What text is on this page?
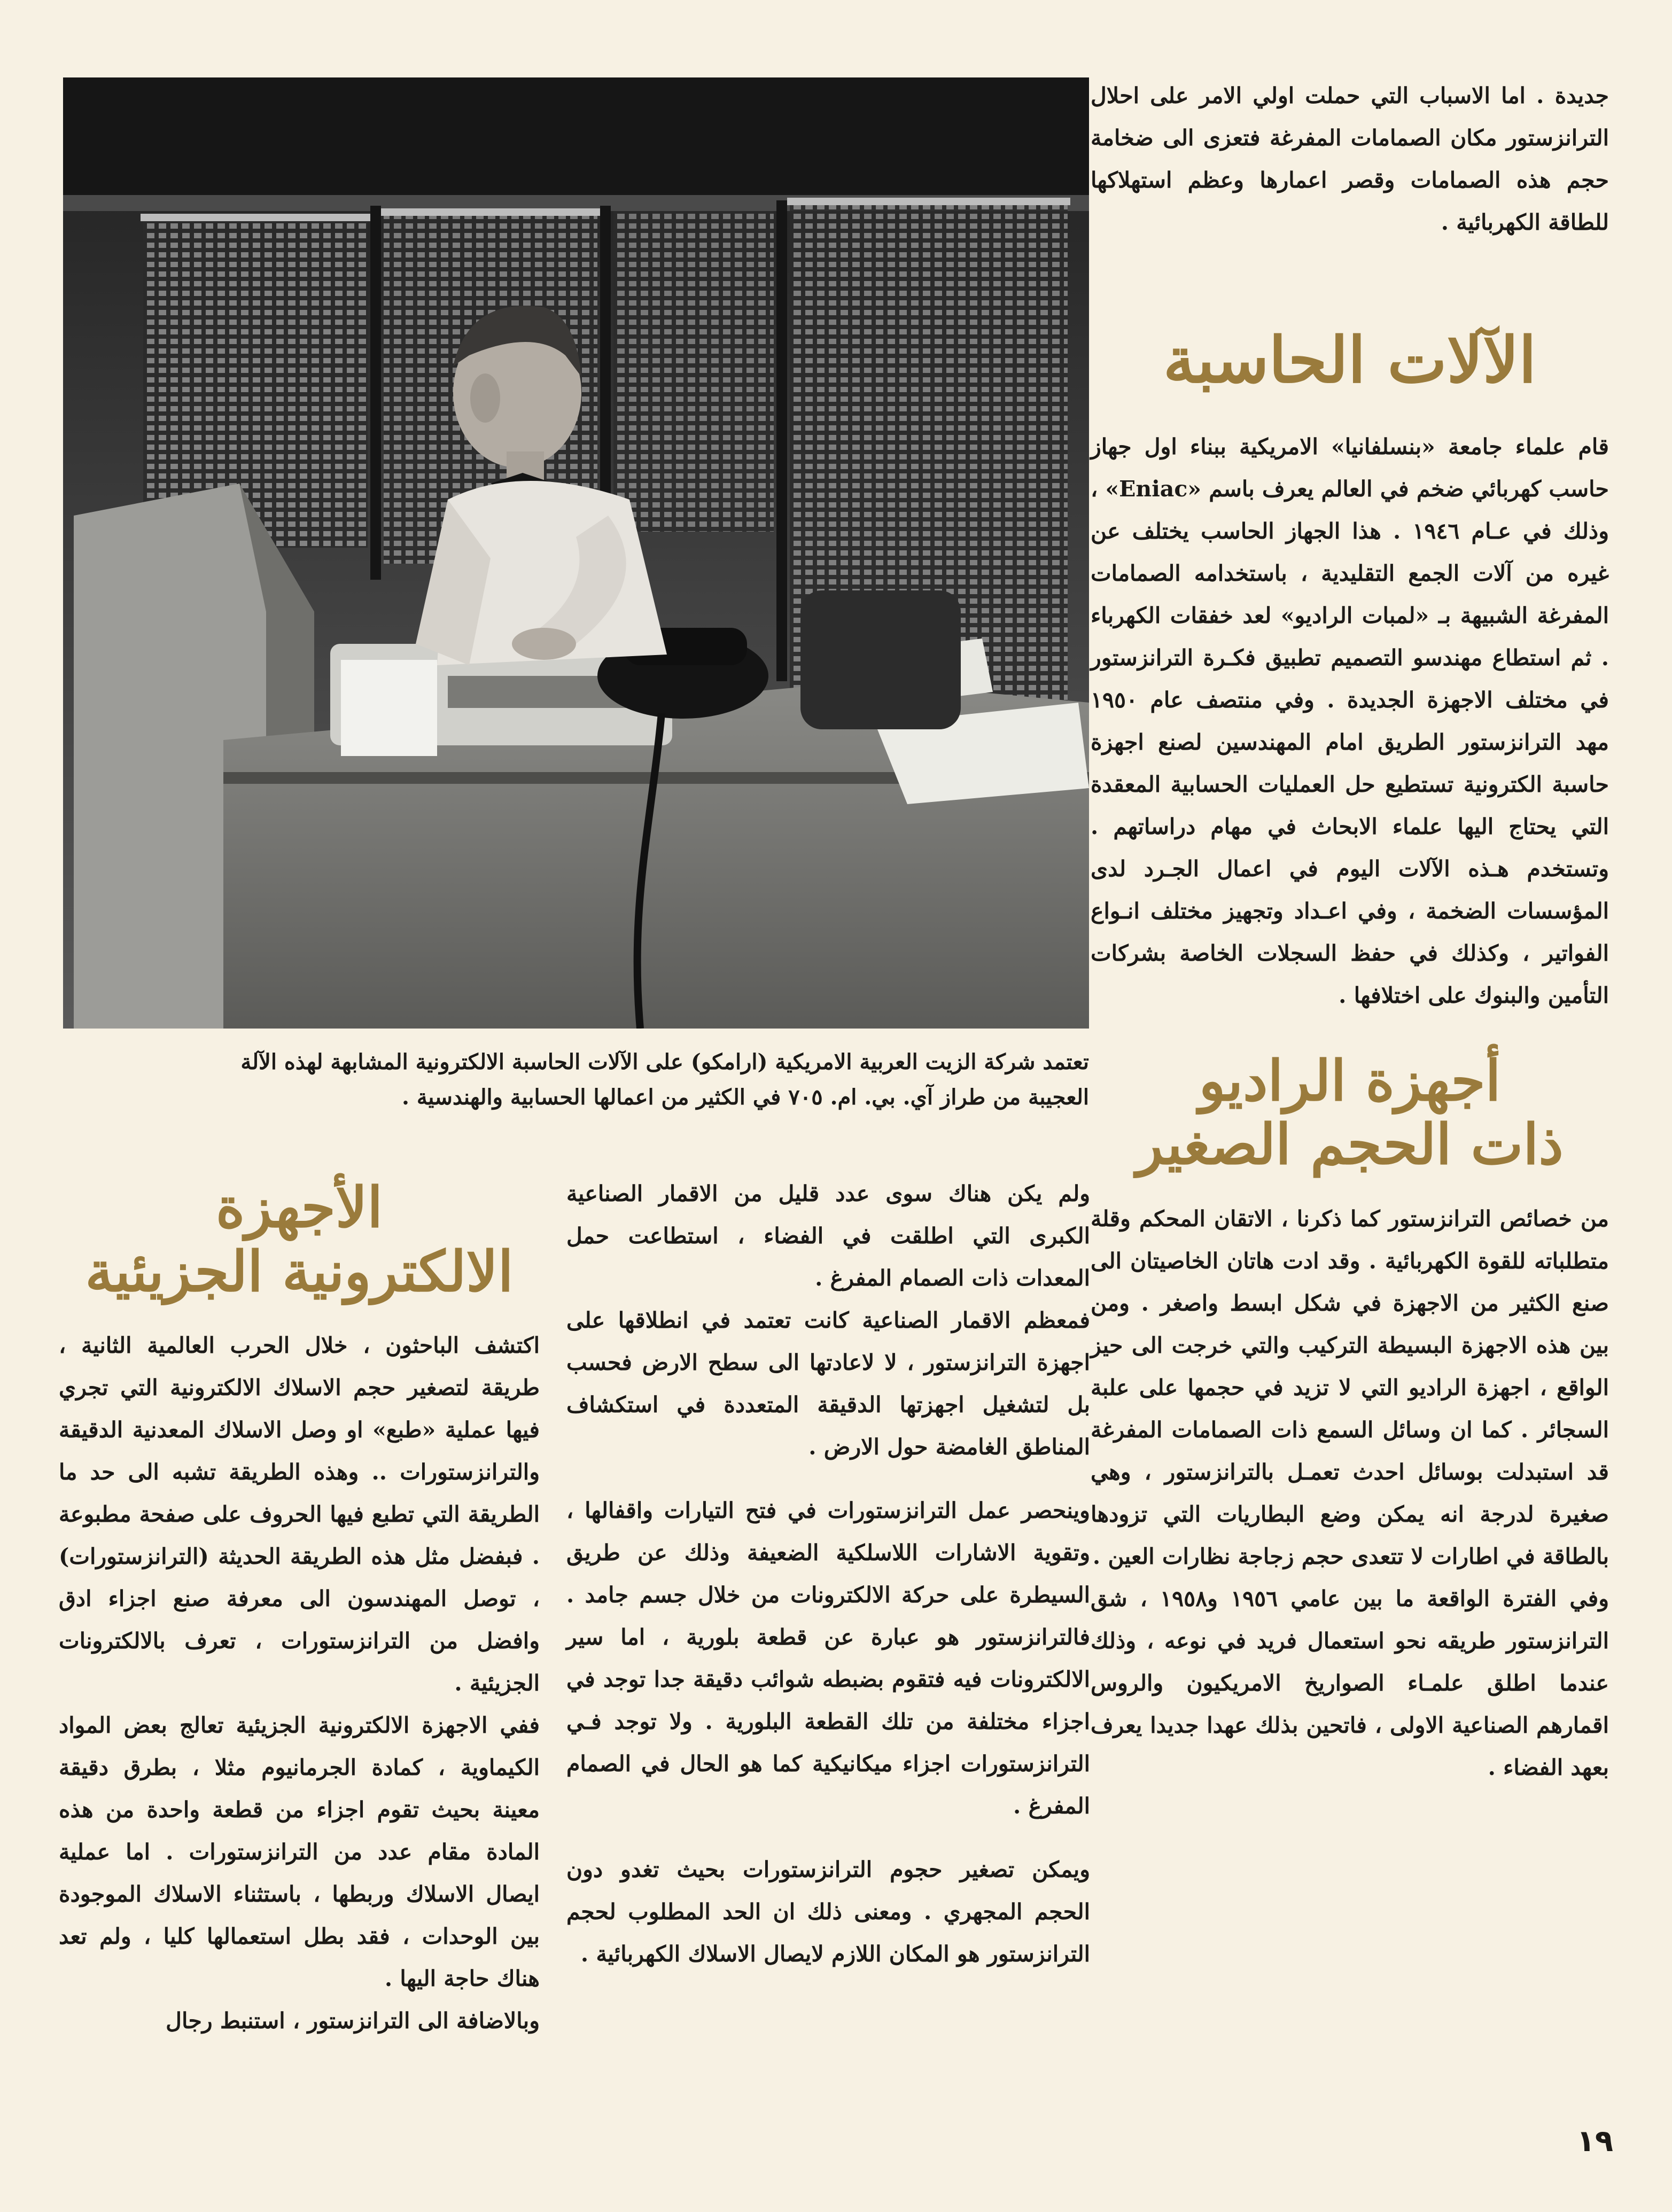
تعتمد شركة الزيت العربية الامريكية (ارامكو) على الآلات الحاسبة الالكترونية المشابهة لهذه الآلة
العجيبة من طراز آي. بي. ام. ٧٠٥ في الكثير من اعمالها الحسابية والهندسية .

جديدة . اما الاسباب التي حملت اولي الامر على احلال الترانزستور مكان الصمامات المفرغة فتعزى الى ضخامة حجم هذه الصمامات وقصر اعمارها وعظم استهلاكها للطاقة الكهربائية .

الآلات الحاسبة

قام علماء جامعة «بنسلفانيا» الامريكية ببناء اول جهاز حاسب كهربائي ضخم في العالم يعرف باسم «Eniac» ، وذلك في عـام ١٩٤٦ . هذا الجهاز الحاسب يختلف عن غيره من آلات الجمع التقليدية ، باستخدامه الصمامات المفرغة الشبيهة بـ «لمبات الراديو» لعد خفقات الكهرباء . ثم استطاع مهندسو التصميم تطبيق فكـرة الترانزستور في مختلف الاجهزة الجديدة . وفي منتصف عام ١٩٥٠ مهد الترانزستور الطريق امام المهندسين لصنع اجهزة حاسبة الكترونية تستطيع حل العمليات الحسابية المعقدة التي يحتاج اليها علماء الابحاث في مهام دراساتهم . وتستخدم هـذه الآلات اليوم في اعمال الجـرد لدى المؤسسات الضخمة ، وفي اعـداد وتجهيز مختلف انـواع الفواتير ، وكذلك في حفظ السجلات الخاصة بشركات التأمين والبنوك على اختلافها .

أجهزة الراديو
ذات الحجم الصغير

من خصائص الترانزستور كما ذكرنا ، الاتقان المحكم وقلة متطلباته للقوة الكهربائية . وقد ادت هاتان الخاصيتان الى صنع الكثير من الاجهزة في شكل ابسط واصغر . ومن بين هذه الاجهزة البسيطة التركيب والتي خرجت الى حيز الواقع ، اجهزة الراديو التي لا تزيد في حجمها على علبة السجائر . كما ان وسائل السمع ذات الصمامات المفرغة قد استبدلت بوسائل احدث تعمـل بالترانزستور ، وهي صغيرة لدرجة انه يمكن وضع البطاريات التي تزودها بالطاقة في اطارات لا تتعدى حجم زجاجة نظارات العين .

وفي الفترة الواقعة ما بين عامي ١٩٥٦ و١٩٥٨ ، شق الترانزستور طريقه نحو استعمال فريد في نوعه ، وذلك عندما اطلق علمـاء الصواريخ الامريكيون والروس اقمارهم الصناعية الاولى ، فاتحين بذلك عهدا جديدا يعرف بعهد الفضاء .

ولم يكن هناك سوى عدد قليل من الاقمار الصناعية الكبرى التي اطلقت في الفضاء ، استطاعت حمل المعدات ذات الصمام المفرغ .

فمعظم الاقمار الصناعية كانت تعتمد في انطلاقها على اجهزة الترانزستور ، لا لاعادتها الى سطح الارض فحسب بل لتشغيل اجهزتها الدقيقة المتعددة في استكشاف المناطق الغامضة حول الارض .

وينحصر عمل الترانزستورات في فتح التيارات واقفالها ، وتقوية الاشارات اللاسلكية الضعيفة وذلك عن طريق السيطرة على حركة الالكترونات من خلال جسم جامد . فالترانزستور هو عبارة عن قطعة بلورية ، اما سير الالكترونات فيه فتقوم بضبطه شوائب دقيقة جدا توجد في اجزاء مختلفة من تلك القطعة البلورية . ولا توجد فـي الترانزستورات اجزاء ميكانيكية كما هو الحال في الصمام المفرغ .

ويمكن تصغير حجوم الترانزستورات بحيث تغدو دون الحجم المجهري . ومعنى ذلك ان الحد المطلوب لحجم الترانزستور هو المكان اللازم لايصال الاسلاك الكهربائية .

الأجهزة
الالكترونية الجزيئية

اكتشف الباحثون ، خلال الحرب العالمية الثانية ، طريقة لتصغير حجم الاسلاك الالكترونية التي تجري فيها عملية «طبع» او وصل الاسلاك المعدنية الدقيقة والترانزستورات .. وهذه الطريقة تشبه الى حد ما الطريقة التي تطبع فيها الحروف على صفحة مطبوعة . فبفضل مثل هذه الطريقة الحديثة (الترانزستورات) ، توصل المهندسون الى معرفة صنع اجزاء ادق وافضل من الترانزستورات ، تعرف بالالكترونات الجزيئية .

ففي الاجهزة الالكترونية الجزيئية تعالج بعض المواد الكيماوية ، كمادة الجرمانيوم مثلا ، بطرق دقيقة معينة بحيث تقوم اجزاء من قطعة واحدة من هذه المادة مقام عدد من الترانزستورات . اما عملية ايصال الاسلاك وربطها ، باستثناء الاسلاك الموجودة بين الوحدات ، فقد بطل استعمالها كليا ، ولم تعد هناك حاجة اليها .

وبالاضافة الى الترانزستور ، استنبط رجال

١٩
